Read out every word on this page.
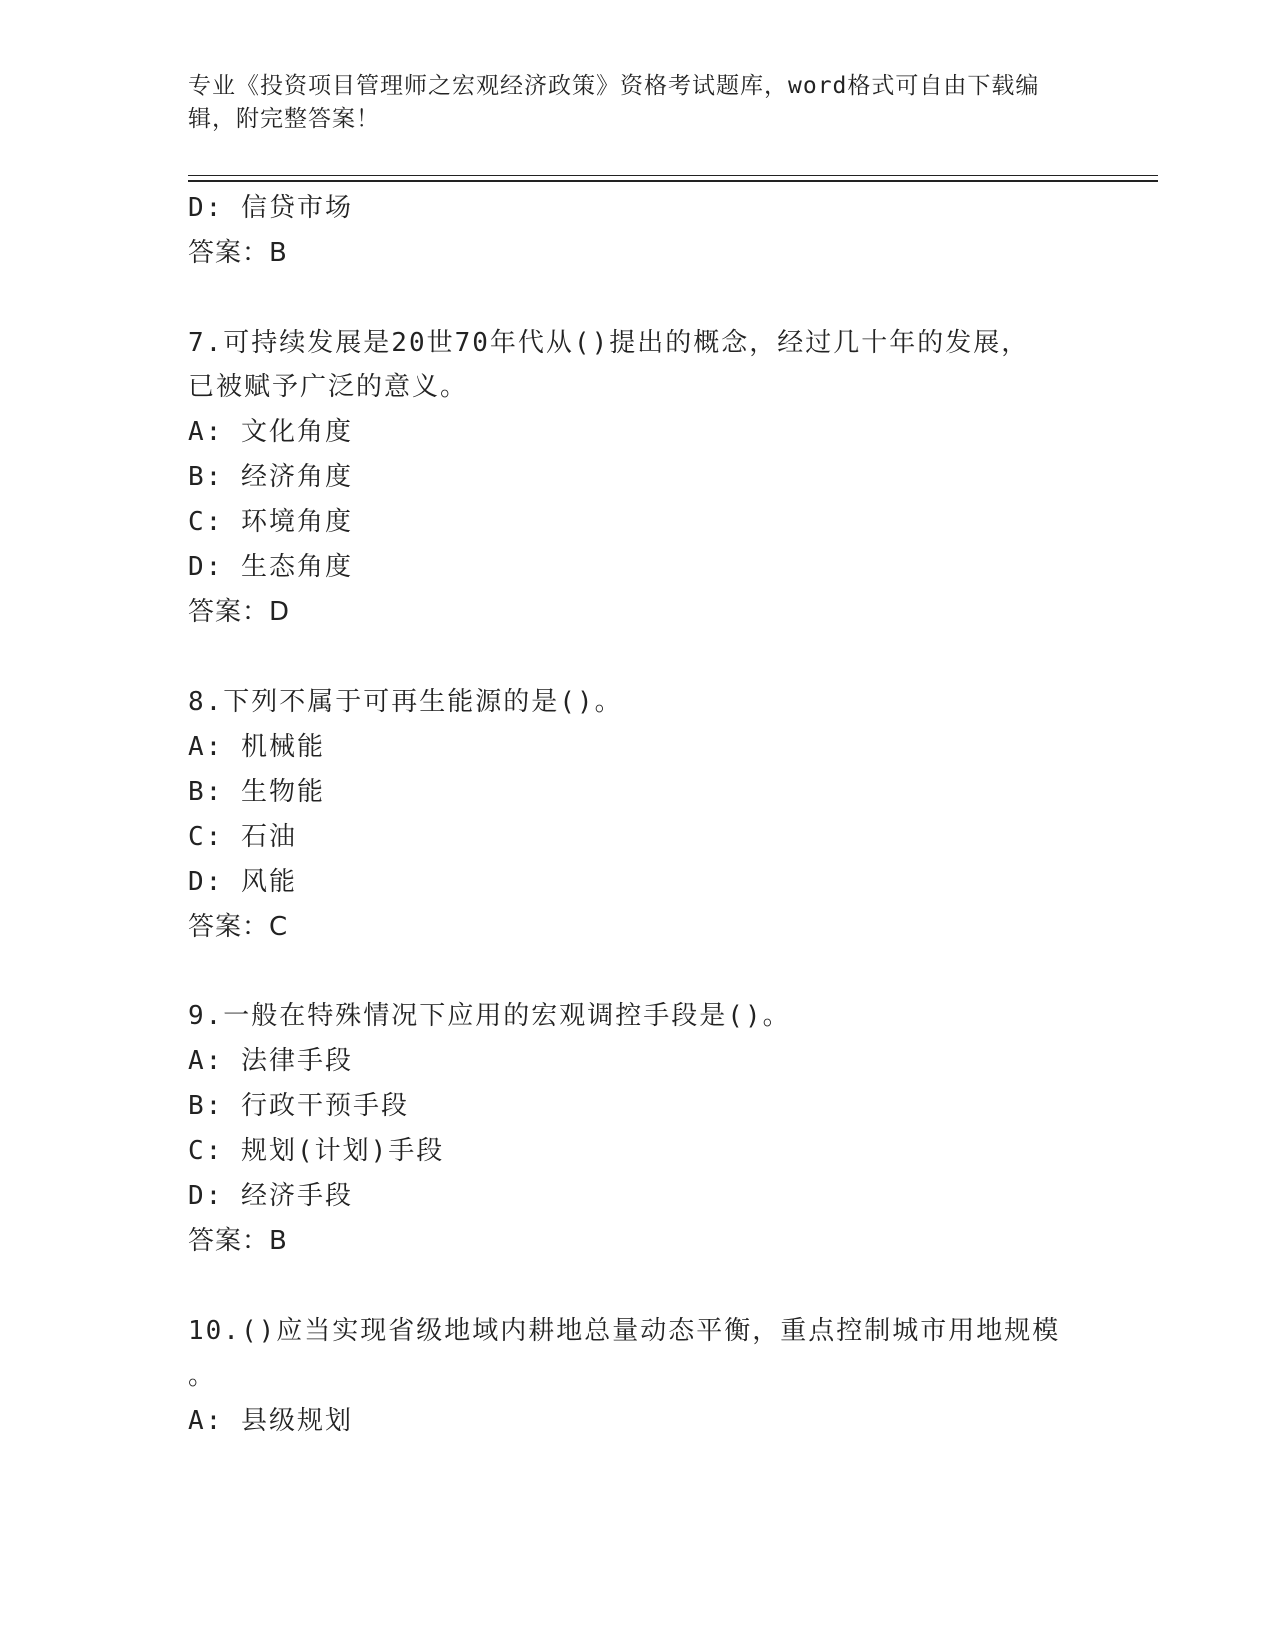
专业《投资项目管理师之宏观经济政策》资格考试题库，word格式可自由下载编
辑，附完整答案！
D: 信贷市场
答案：B
7.可持续发展是20世70年代从()提出的概念，经过几十年的发展，
已被赋予广泛的意义。
A: 文化角度
B: 经济角度
C: 环境角度
D: 生态角度
答案：D
8.下列不属于可再生能源的是()。
A: 机械能
B: 生物能
C: 石油
D: 风能
答案：C
9.一般在特殊情况下应用的宏观调控手段是()。
A: 法律手段
B: 行政干预手段
C: 规划(计划)手段
D: 经济手段
答案：B
10.()应当实现省级地域内耕地总量动态平衡，重点控制城市用地规模
。
A: 县级规划
